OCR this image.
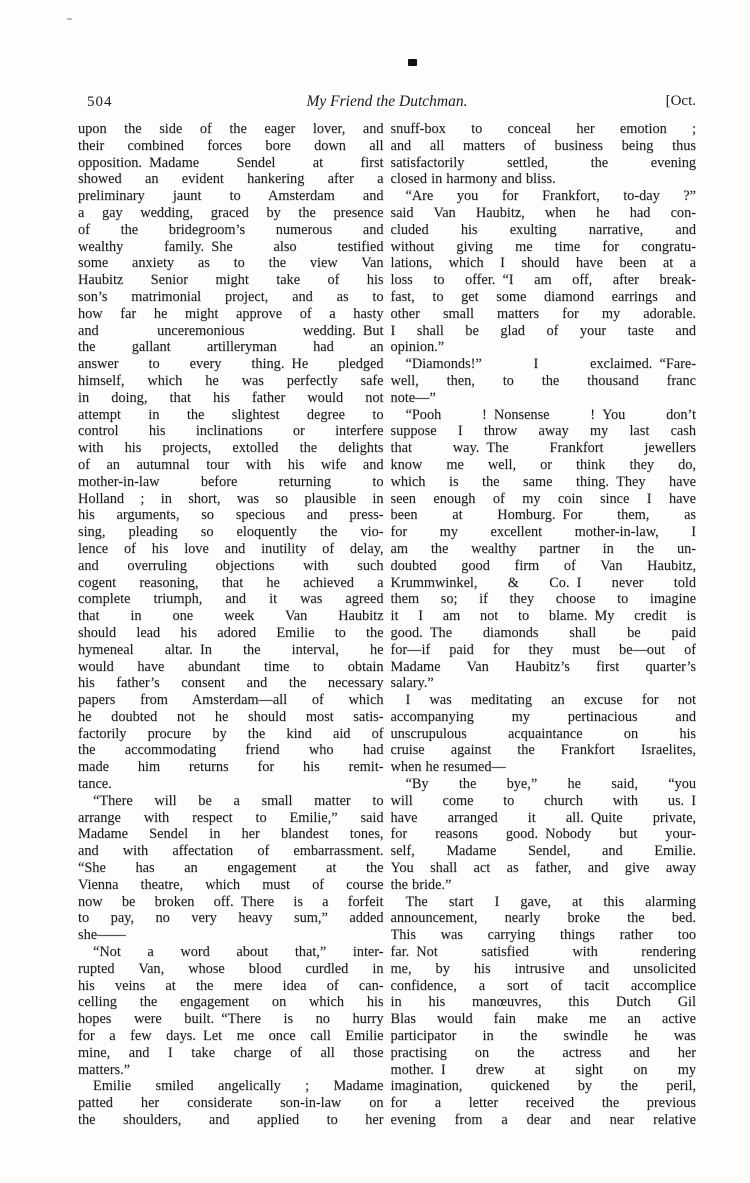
504	My Friend the Dutchman.	[Oct.
upon the side of the eager lover, and
their combined forces bore down all
opposition. Madame Sendel at first
showed an evident hankering after a
preliminary jaunt to Amsterdam and
a gay wedding, graced by the presence
of the bridegroom’s numerous and
wealthy family. She also testified
some anxiety as to the view Van
Haubitz Senior might take of his
son’s matrimonial project, and as to
how far he might approve of a hasty
and unceremonious wedding. But
the gallant artilleryman had an
answer to every thing. He pledged
himself, which he was perfectly safe
in doing, that his father would not
attempt in the slightest degree to
control his inclinations or interfere
with his projects, extolled the delights
of an autumnal tour with his wife and
mother-in-law before returning to
Holland ; in short, was so plausible in
his arguments, so specious and press-
sing, pleading so eloquently the vio-
lence of his love and inutility of delay,
and overruling objections with such
cogent reasoning, that he achieved a
complete triumph, and it was agreed
that in one week Van Haubitz
should lead his adored Emilie to the
hymeneal altar. In the interval, he
would have abundant time to obtain
his father’s consent and the necessary
papers from Amsterdam—all of which
he doubted not he should most satis-
factorily procure by the kind aid of
the accommodating friend who had
made him returns for his remit-
tance.
“There will be a small matter to
arrange with respect to Emilie,” said
Madame Sendel in her blandest tones,
and with affectation of embarrassment.
“She has an engagement at the
Vienna theatre, which must of course
now be broken off. There is a forfeit
to pay, no very heavy sum,” added
she——
“Not a word about that,” inter-
rupted Van, whose blood curdled in
his veins at the mere idea of can-
celling the engagement on which his
hopes were built. “There is no hurry
for a few days. Let me once call Emilie
mine, and I take charge of all those
matters.”
Emilie smiled angelically ; Madame
patted her considerate son-in-law on
the shoulders, and applied to her
snuff-box to conceal her emotion ;
and all matters of business being thus
satisfactorily settled, the evening
closed in harmony and bliss.
“Are you for Frankfort, to-day ?”
said Van Haubitz, when he had con-
cluded his exulting narrative, and
without giving me time for congratu-
lations, which I should have been at a
loss to offer. “I am off, after break-
fast, to get some diamond earrings and
other small matters for my adorable.
I shall be glad of your taste and
opinion.”
“Diamonds!” I exclaimed. “Fare-
well, then, to the thousand franc
note—”
“Pooh ! Nonsense ! You don’t
suppose I throw away my last cash
that way. The Frankfort jewellers
know me well, or think they do,
which is the same thing. They have
seen enough of my coin since I have
been at Homburg. For them, as
for my excellent mother-in-law, I
am the wealthy partner in the un-
doubted good firm of Van Haubitz,
Krummwinkel, & Co. I never told
them so; if they choose to imagine
it I am not to blame. My credit is
good. The diamonds shall be paid
for—if paid for they must be—out of
Madame Van Haubitz’s first quarter’s
salary.”
I was meditating an excuse for not
accompanying my pertinacious and
unscrupulous acquaintance on his
cruise against the Frankfort Israelites,
when he resumed—
“By the bye,” he said, “you
will come to church with us. I
have arranged it all. Quite private,
for reasons good. Nobody but your-
self, Madame Sendel, and Emilie.
You shall act as father, and give away
the bride.”
The start I gave, at this alarming
announcement, nearly broke the bed.
This was carrying things rather too
far. Not satisfied with rendering
me, by his intrusive and unsolicited
confidence, a sort of tacit accomplice
in his manœuvres, this Dutch Gil
Blas would fain make me an active
participator in the swindle he was
practising on the actress and her
mother. I drew at sight on my
imagination, quickened by the peril,
for a letter received the previous
evening from a dear and near relative
